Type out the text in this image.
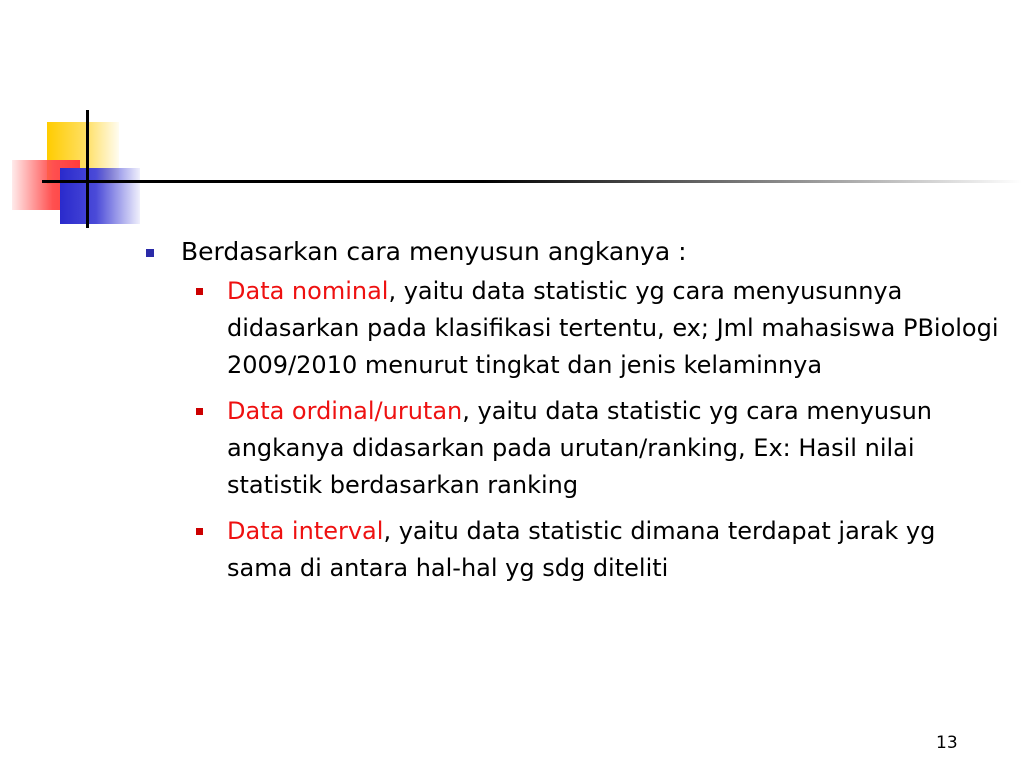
Berdasarkan cara menyusun angkanya :
Data nominal, yaitu data statistic yg cara menyusunnya didasarkan pada klasifikasi tertentu, ex; Jml mahasiswa PBiologi 2009/2010 menurut tingkat dan jenis kelaminnya
Data ordinal/urutan, yaitu data statistic yg cara menyusun angkanya didasarkan pada urutan/ranking, Ex: Hasil nilai statistik berdasarkan ranking
Data interval, yaitu data statistic dimana terdapat jarak yg sama di antara hal-hal yg sdg diteliti
13
